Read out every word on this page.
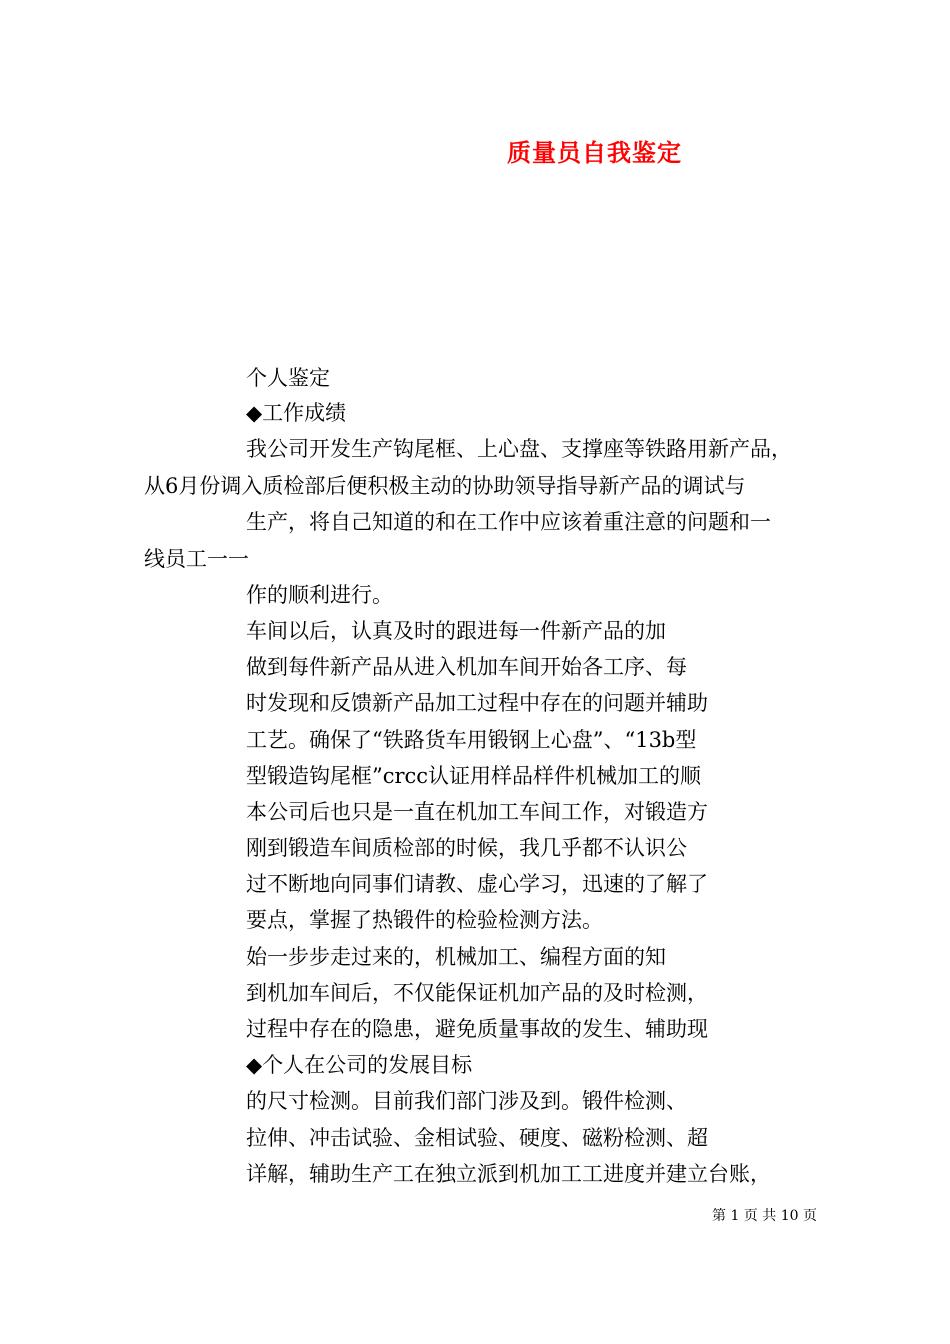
质量员自我鉴定
个人鉴定
◆工作成绩
我公司开发生产钩尾框、上心盘、支撑座等铁路用新产品，
从6月份调入质检部后便积极主动的协助领导指导新产品的调试与
生产，将自己知道的和在工作中应该着重注意的问题和一
线员工一一
作的顺利进行。
车间以后，认真及时的跟进每一件新产品的加
做到每件新产品从进入机加车间开始各工序、每
时发现和反馈新产品加工过程中存在的问题并辅助
工艺。确保了“铁路货车用锻钢上心盘”、“13b型
型锻造钩尾框”crcc认证用样品样件机械加工的顺
本公司后也只是一直在机加工车间工作，对锻造方
刚到锻造车间质检部的时候，我几乎都不认识公
过不断地向同事们请教、虚心学习，迅速的了解了
要点，掌握了热锻件的检验检测方法。
始一步步走过来的，机械加工、编程方面的知
到机加车间后，不仅能保证机加产品的及时检测，
过程中存在的隐患，避免质量事故的发生、辅助现
◆个人在公司的发展目标
的尺寸检测。目前我们部门涉及到。锻件检测、
拉伸、冲击试验、金相试验、硬度、磁粉检测、超
详解，辅助生产工在独立派到机加工工进度并建立台账，
第 1 页 共 10 页
